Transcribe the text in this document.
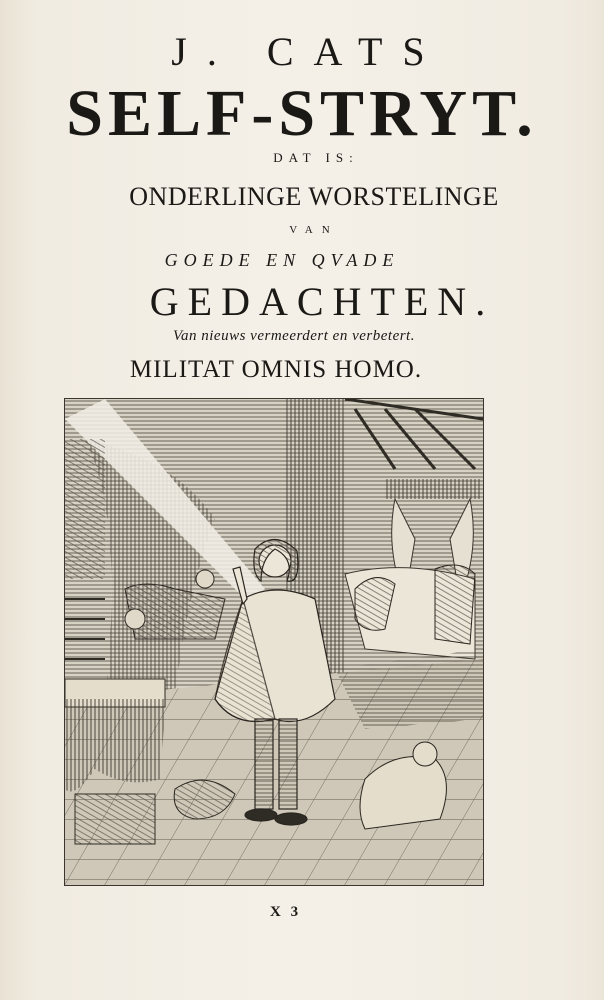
J. CATS
SELF-STRYT.
DAT IS:
ONDERLINGE WORSTELINGE
VAN
GOEDE EN QVADE
GEDACHTEN.
Van nieuws vermeerdert en verbetert.
MILITAT OMNIS HOMO.
X 3
